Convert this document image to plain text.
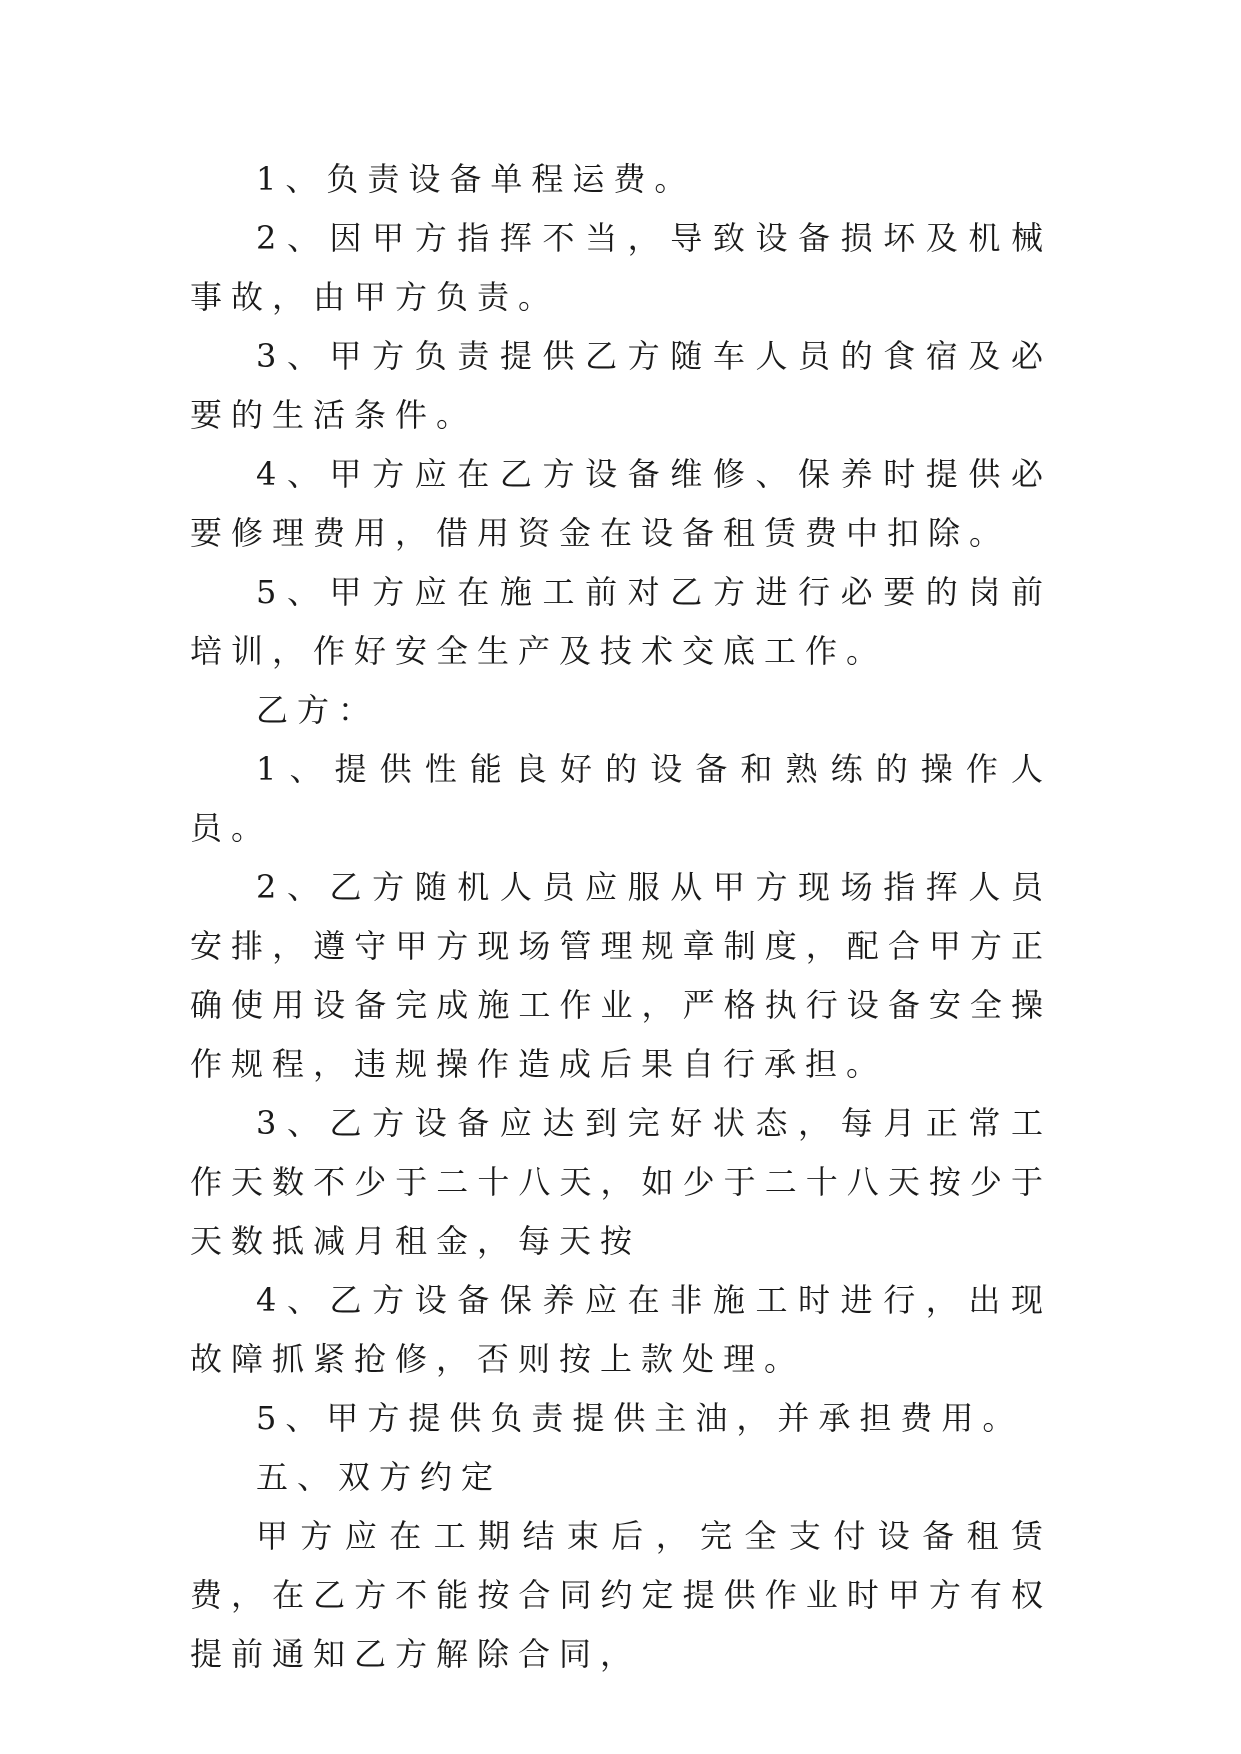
1、负责设备单程运费。

2、因甲方指挥不当，导致设备损坏及机械事故，由甲方负责。

3、甲方负责提供乙方随车人员的食宿及必要的生活条件。

4、甲方应在乙方设备维修、保养时提供必要修理费用，借用资金在设备租赁费中扣除。

5、甲方应在施工前对乙方进行必要的岗前培训，作好安全生产及技术交底工作。

乙方：

1、提供性能良好的设备和熟练的操作人员。

2、乙方随机人员应服从甲方现场指挥人员安排，遵守甲方现场管理规章制度，配合甲方正确使用设备完成施工作业，严格执行设备安全操作规程，违规操作造成后果自行承担。

3、乙方设备应达到完好状态，每月正常工作天数不少于二十八天，如少于二十八天按少于天数抵减月租金，每天按

4、乙方设备保养应在非施工时进行，出现故障抓紧抢修，否则按上款处理。

5、甲方提供负责提供主油，并承担费用。

五、双方约定

甲方应在工期结束后，完全支付设备租赁费，在乙方不能按合同约定提供作业时甲方有权提前通知乙方解除合同，
